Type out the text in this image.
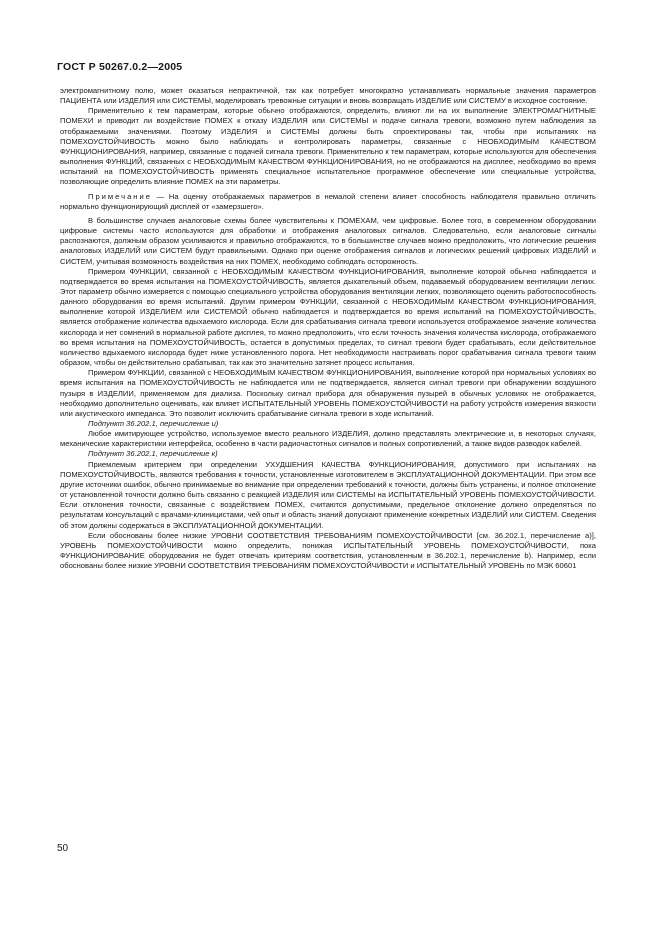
ГОСТ Р 50267.0.2—2005

электромагнитному полю, может оказаться непрактичной, так как потребует многократно устанавливать нормальные значения параметров ПАЦИЕНТА или ИЗДЕЛИЯ или СИСТЕМЫ, моделировать тревожные ситуации и вновь возвращать ИЗДЕЛИЕ или СИСТЕМУ в исходное состояние.

Применительно к тем параметрам, которые обычно отображаются, определить, влияют ли на их выполнение ЭЛЕКТРОМАГНИТНЫЕ ПОМЕХИ и приводит ли воздействие ПОМЕХ к отказу ИЗДЕЛИЯ или СИСТЕМЫ и подаче сигнала тревоги, возможно путем наблюдения за отображаемыми значениями. Поэтому ИЗДЕЛИЯ и СИСТЕМЫ должны быть спроектированы так, чтобы при испытаниях на ПОМЕХОУСТОЙЧИВОСТЬ можно было наблюдать и контролировать параметры, связанные с НЕОБХОДИМЫМ КАЧЕСТВОМ ФУНКЦИОНИРОВАНИЯ, например, связанные с подачей сигнала тревоги. Применительно к тем параметрам, которые используются для обеспечения выполнения ФУНКЦИЙ, связанных с НЕОБХОДИМЫМ КАЧЕСТВОМ ФУНКЦИОНИРОВАНИЯ, но не отображаются на дисплее, необходимо во время испытаний на ПОМЕХОУСТОЙЧИВОСТЬ применять специальное испытательное программное обеспечение или специальные устройства, позволяющие определить влияние ПОМЕХ на эти параметры.

Примечание — На оценку отображаемых параметров в немалой степени влияет способность наблюдателя правильно отличить нормально функционирующий дисплей от «замерзшего».

В большинстве случаев аналоговые схемы более чувствительны к ПОМЕХАМ, чем цифровые. Более того, в современном оборудовании цифровые системы часто используются для обработки и отображения аналоговых сигналов. Следовательно, если аналоговые сигналы распознаются, должным образом усиливаются и правильно отображаются, то в большинстве случаев можно предположить, что логические решения аналоговых ИЗДЕЛИЙ или СИСТЕМ будут правильными. Однако при оценке отображения сигналов и логических решений цифровых ИЗДЕЛИЙ и СИСТЕМ, учитывая возможность воздействия на них ПОМЕХ, необходимо соблюдать осторожность.

Примером ФУНКЦИИ, связанной с НЕОБХОДИМЫМ КАЧЕСТВОМ ФУНКЦИОНИРОВАНИЯ, выполнение которой обычно наблюдается и подтверждается во время испытания на ПОМЕХОУСТОЙЧИВОСТЬ, является дыхательный объем, подаваемый оборудованием вентиляции легких. Этот параметр обычно измеряется с помощью специального устройства оборудования вентиляции легких, позволяющего оценить работоспособность данного оборудования во время испытаний. Другим примером ФУНКЦИИ, связанной с НЕОБХОДИМЫМ КАЧЕСТВОМ ФУНКЦИОНИРОВАНИЯ, выполнение которой ИЗДЕЛИЕМ или СИСТЕМОЙ обычно наблюдается и подтверждается во время испытаний на ПОМЕХОУСТОЙЧИВОСТЬ, является отображение количества вдыхаемого кислорода. Если для срабатывания сигнала тревоги используется отображаемое значение количества кислорода и нет сомнений в нормальной работе дисплея, то можно предположить, что если точность значения количества кислорода, отображаемого во время испытания на ПОМЕХОУСТОЙЧИВОСТЬ, остается в допустимых пределах, то сигнал тревоги будет срабатывать, если действительное количество вдыхаемого кислорода будет ниже установленного порога. Нет необходимости настраивать порог срабатывания сигнала тревоги таким образом, чтобы он действительно срабатывал, так как это значительно затянет процесс испытания.

Примером ФУНКЦИИ, связанной с НЕОБХОДИМЫМ КАЧЕСТВОМ ФУНКЦИОНИРОВАНИЯ, выполнение которой при нормальных условиях во время испытания на ПОМЕХОУСТОЙЧИВОСТЬ не наблюдается или не подтверждается, является сигнал тревоги при обнаружении воздушного пузыря в ИЗДЕЛИИ, применяемом для диализа. Поскольку сигнал прибора для обнаружения пузырей в обычных условиях не отображается, необходимо дополнительно оценивать, как влияет ИСПЫТАТЕЛЬНЫЙ УРОВЕНЬ ПОМЕХОУСТОЙЧИВОСТИ на работу устройств измерения вязкости или акустического импеданса. Это позволит исключить срабатывание сигнала тревоги в ходе испытаний.

Подпункт 36.202.1, перечисление и)

Любое имитирующее устройство, используемое вместо реального ИЗДЕЛИЯ, должно представлять электрические и, в некоторых случаях, механические характеристики интерфейса, особенно в части радиочастотных сигналов и полных сопротивлений, а также видов разводок кабелей.

Подпункт 36.202.1, перечисление к)

Приемлемым критерием при определении УХУДШЕНИЯ КАЧЕСТВА ФУНКЦИОНИРОВАНИЯ, допустимого при испытаниях на ПОМЕХОУСТОЙЧИВОСТЬ, являются требования к точности, установленные изготовителем в ЭКСПЛУАТАЦИОННОЙ ДОКУМЕНТАЦИИ. При этом все другие источники ошибок, обычно принимаемые во внимание при определении требований к точности, должны быть устранены, и полное отклонение от установленной точности должно быть связанно с реакцией ИЗДЕЛИЯ или СИСТЕМЫ на ИСПЫТАТЕЛЬНЫЙ УРОВЕНЬ ПОМЕХОУСТОЙЧИВОСТИ. Если отклонения точности, связанные с воздействием ПОМЕХ, считаются допустимыми, предельное отклонение должно определяться по результатам консультаций с врачами-клиницистами, чей опыт и область знаний допускают применение конкретных ИЗДЕЛИЙ или СИСТЕМ. Сведения об этом должны содержаться в ЭКСПЛУАТАЦИОННОЙ ДОКУМЕНТАЦИИ.

Если обоснованы более низкие УРОВНИ СООТВЕТСТВИЯ ТРЕБОВАНИЯМ ПОМЕХОУСТОЙЧИВОСТИ [см. 36.202.1, перечисление а)], УРОВЕНЬ ПОМЕХОУСТОЙЧИВОСТИ можно определить, понижая ИСПЫТАТЕЛЬНЫЙ УРОВЕНЬ ПОМЕХОУСТОЙЧИВОСТИ, пока ФУНКЦИОНИРОВАНИЕ оборудования не будет отвечать критериям соответствия, установленным в 36.202.1, перечисление b). Например, если обоснованы более низкие УРОВНИ СООТВЕТСТВИЯ ТРЕБОВАНИЯМ ПОМЕХОУСТОЙЧИВОСТИ и ИСПЫТАТЕЛЬНЫЙ УРОВЕНЬ по МЭК 60601

50
